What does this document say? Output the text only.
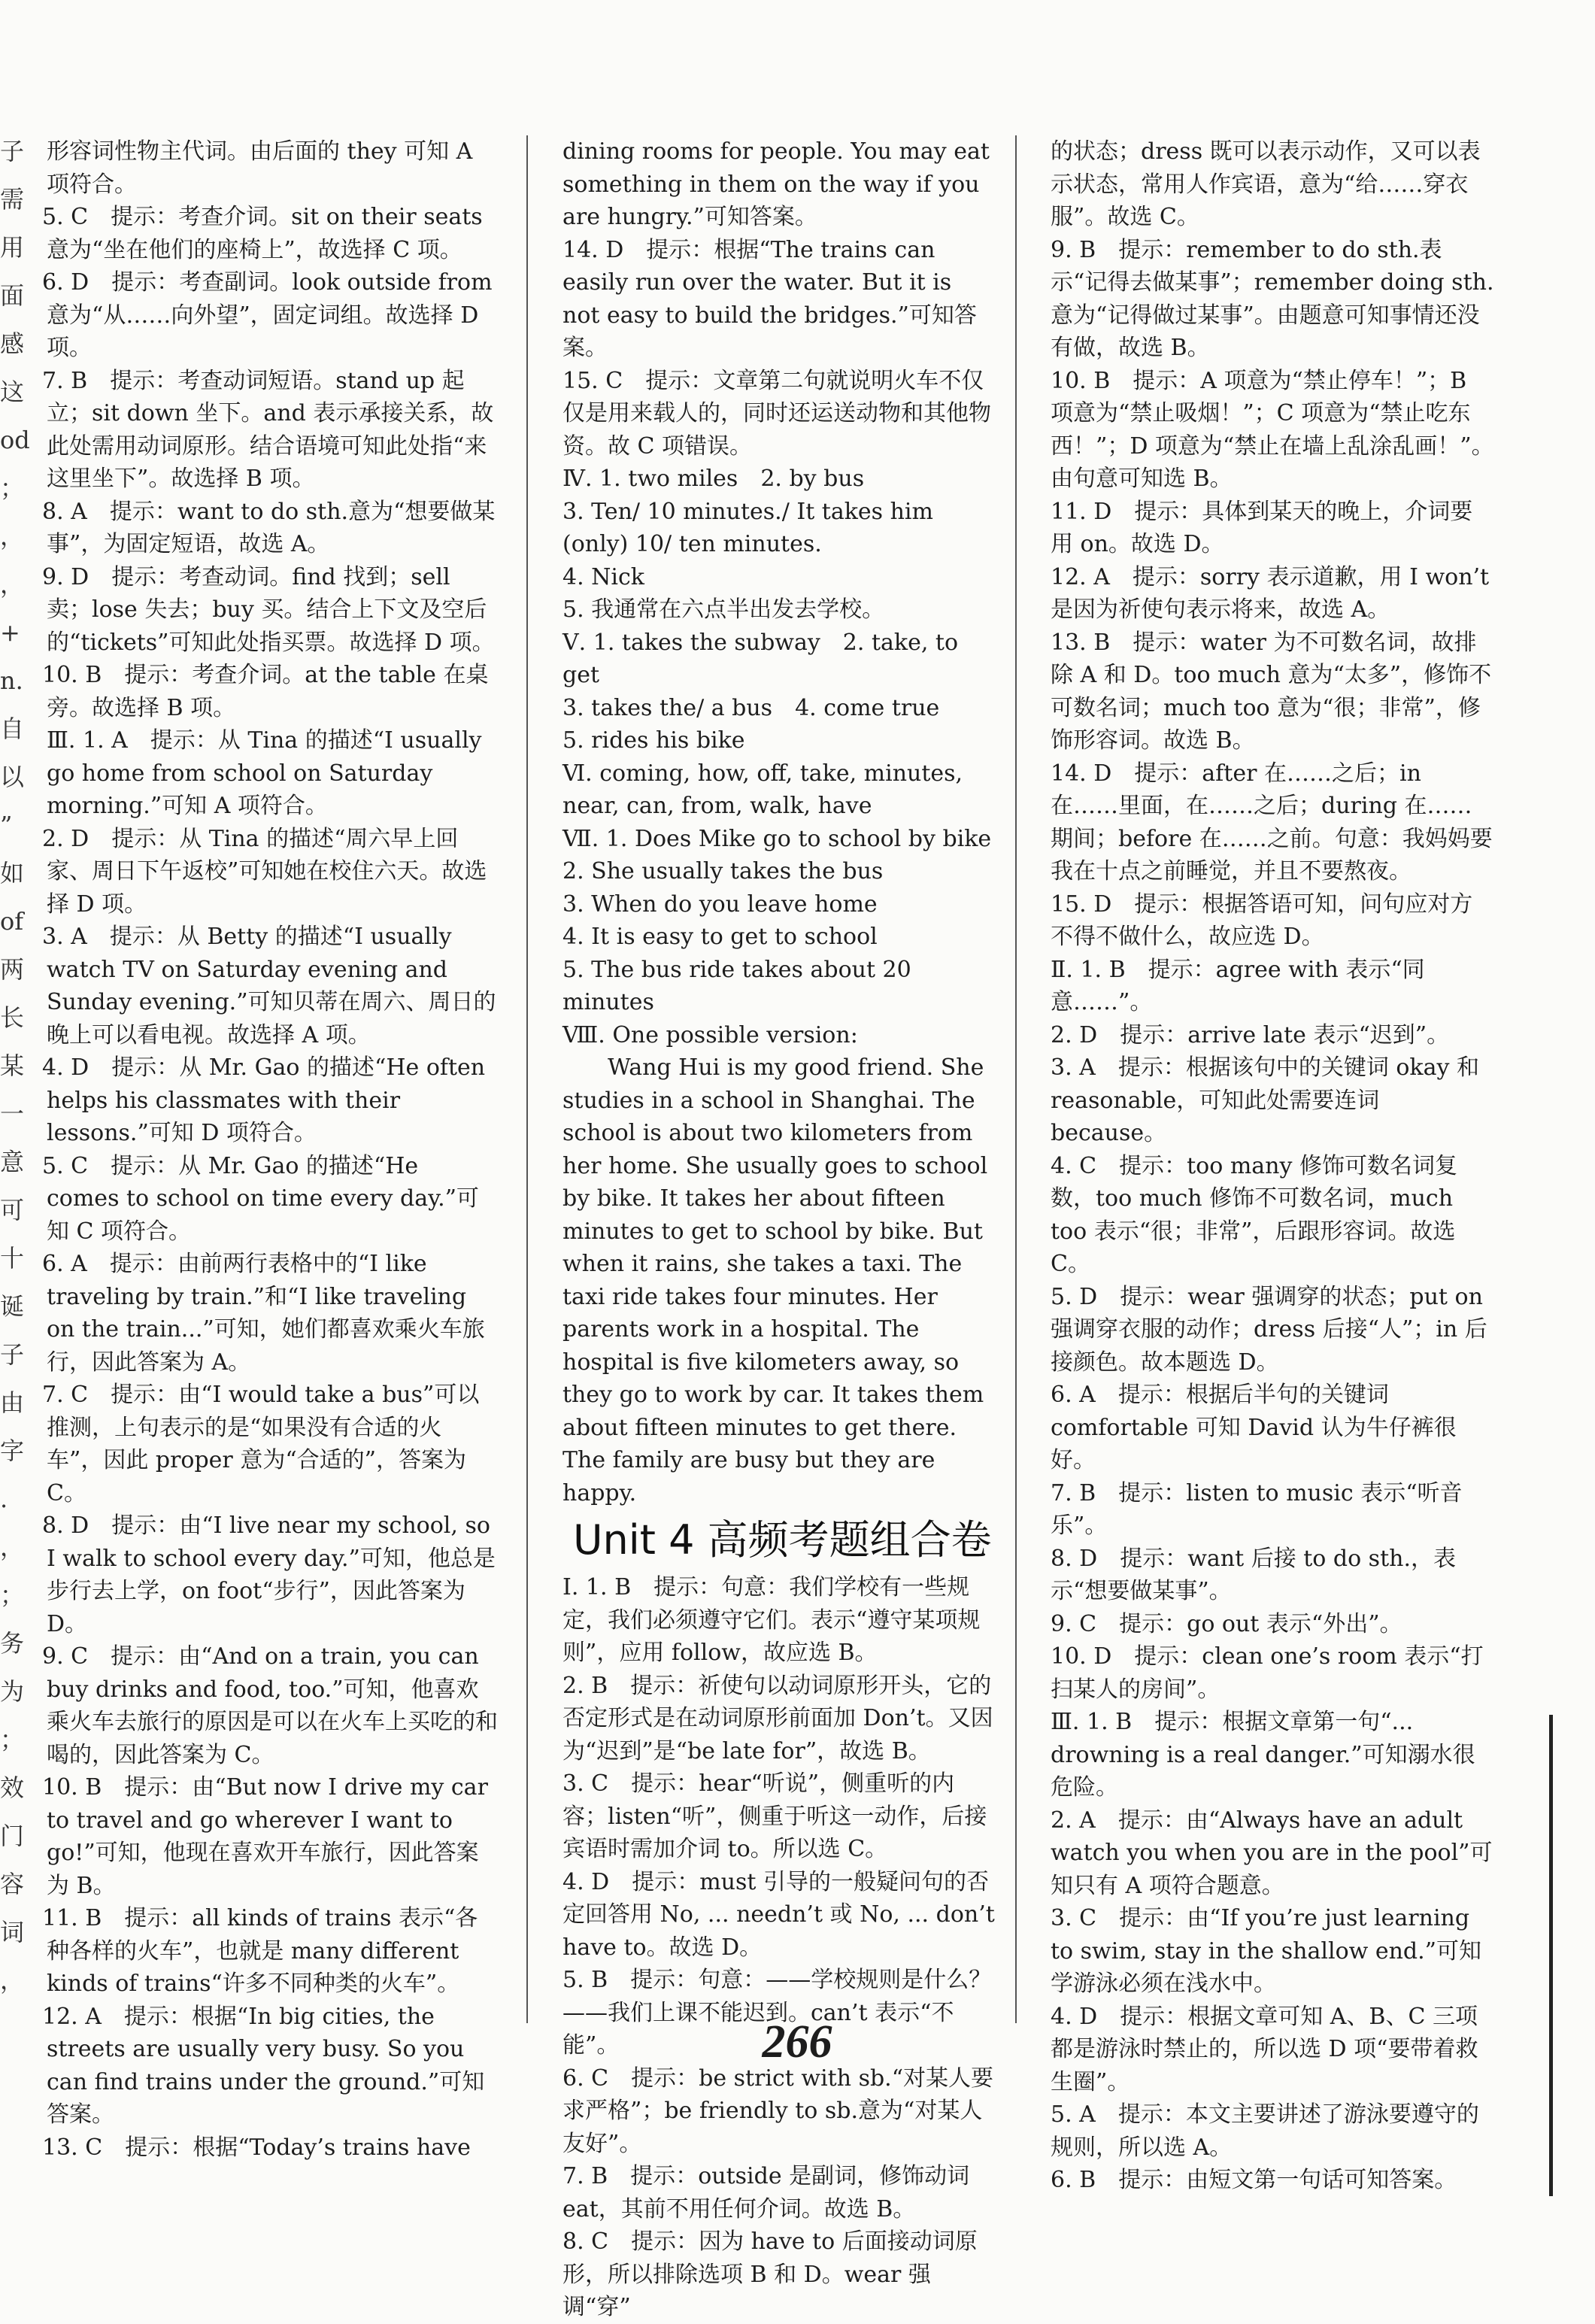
子

需

用

面

感

这

od

；

，

，

+

n.

自

以

”

如

of

两

长

某

一

意

可

十

诞

子

由

字

.

，

；

务

为

；

效

门

容

词

，

形容词性物主代词。由后面的 they 可知 A 项符合。

5. C　提示：考查介词。sit on their seats 意为“坐在他们的座椅上”，故选择 C 项。

6. D　提示：考查副词。look outside from 意为“从……向外望”，固定词组。故选择 D 项。

7. B　提示：考查动词短语。stand up 起立；sit down 坐下。and 表示承接关系，故此处需用动词原形。结合语境可知此处指“来这里坐下”。故选择 B 项。

8. A　提示：want to do sth.意为“想要做某事”，为固定短语，故选 A。

9. D　提示：考查动词。find 找到；sell 卖；lose 失去；buy 买。结合上下文及空后的“tickets”可知此处指买票。故选择 D 项。

10. B　提示：考查介词。at the table 在桌旁。故选择 B 项。

Ⅲ. 1. A　提示：从 Tina 的描述“I usually go home from school on Saturday morning.”可知 A 项符合。

2. D　提示：从 Tina 的描述“周六早上回家、周日下午返校”可知她在校住六天。故选择 D 项。

3. A　提示：从 Betty 的描述“I usually watch TV on Saturday evening and Sunday evening.”可知贝蒂在周六、周日的晚上可以看电视。故选择 A 项。

4. D　提示：从 Mr. Gao 的描述“He often helps his classmates with their lessons.”可知 D 项符合。

5. C　提示：从 Mr. Gao 的描述“He comes to school on time every day.”可知 C 项符合。

6. A　提示：由前两行表格中的“I like traveling by train.”和“I like traveling on the train...”可知，她们都喜欢乘火车旅行，因此答案为 A。

7. C　提示：由“I would take a bus”可以推测，上句表示的是“如果没有合适的火车”，因此 proper 意为“合适的”，答案为 C。

8. D　提示：由“I live near my school, so I walk to school every day.”可知，他总是步行去上学，on foot“步行”，因此答案为 D。

9. C　提示：由“And on a train, you can buy drinks and food, too.”可知，他喜欢乘火车去旅行的原因是可以在火车上买吃的和喝的，因此答案为 C。

10. B　提示：由“But now I drive my car to travel and go wherever I want to go!”可知，他现在喜欢开车旅行，因此答案为 B。

11. B　提示：all kinds of trains 表示“各种各样的火车”，也就是 many different kinds of trains“许多不同种类的火车”。

12. A　提示：根据“In big cities, the streets are usually very busy. So you can find trains under the ground.”可知答案。

13. C　提示：根据“Today’s trains have

dining rooms for people. You may eat something in them on the way if you are hungry.”可知答案。

14. D　提示：根据“The trains can easily run over the water. But it is not easy to build the bridges.”可知答案。

15. C　提示：文章第二句就说明火车不仅仅是用来载人的，同时还运送动物和其他物资。故 C 项错误。

Ⅳ. 1. two miles　2. by bus

3. Ten/ 10 minutes./ It takes him (only) 10/ ten minutes.

4. Nick

5. 我通常在六点半出发去学校。

Ⅴ. 1. takes the subway　2. take, to get

3. takes the/ a bus　4. come true

5. rides his bike

Ⅵ. coming, how, off, take, minutes, near, can, from, walk, have

Ⅶ. 1. Does Mike go to school by bike

2. She usually takes the bus

3. When do you leave home

4. It is easy to get to school

5. The bus ride takes about 20 minutes

Ⅷ. One possible version:

Wang Hui is my good friend. She studies in a school in Shanghai. The school is about two kilometers from her home. She usually goes to school by bike. It takes her about fifteen minutes to get to school by bike. But when it rains, she takes a taxi. The taxi ride takes four minutes. Her parents work in a hospital. The hospital is five kilometers away, so they go to work by car. It takes them about fifteen minutes to get there. The family are busy but they are happy.

Unit 4 高频考题组合卷

Ⅰ. 1. B　提示：句意：我们学校有一些规定，我们必须遵守它们。表示“遵守某项规则”，应用 follow，故应选 B。

2. B　提示：祈使句以动词原形开头，它的否定形式是在动词原形前面加 Don’t。又因为“迟到”是“be late for”，故选 B。

3. C　提示：hear“听说”，侧重听的内容；listen“听”，侧重于听这一动作，后接宾语时需加介词 to。所以选 C。

4. D　提示：must 引导的一般疑问句的否定回答用 No, ... needn’t 或 No, ... don’t have to。故选 D。

5. B　提示：句意：——学校规则是什么？——我们上课不能迟到。can’t 表示“不能”。

6. C　提示：be strict with sb.“对某人要求严格”；be friendly to sb.意为“对某人友好”。

7. B　提示：outside 是副词，修饰动词 eat，其前不用任何介词。故选 B。

8. C　提示：因为 have to 后面接动词原形，所以排除选项 B 和 D。wear 强调“穿”

的状态；dress 既可以表示动作，又可以表示状态，常用人作宾语，意为“给……穿衣服”。故选 C。

9. B　提示：remember to do sth.表示“记得去做某事”；remember doing sth.意为“记得做过某事”。由题意可知事情还没有做，故选 B。

10. B　提示：A 项意为“禁止停车！”；B 项意为“禁止吸烟！”；C 项意为“禁止吃东西！”；D 项意为“禁止在墙上乱涂乱画！”。由句意可知选 B。

11. D　提示：具体到某天的晚上，介词要用 on。故选 D。

12. A　提示：sorry 表示道歉，用 I won’t 是因为祈使句表示将来，故选 A。

13. B　提示：water 为不可数名词，故排除 A 和 D。too much 意为“太多”，修饰不可数名词；much too 意为“很；非常”，修饰形容词。故选 B。

14. D　提示：after 在……之后；in 在……里面，在……之后；during 在……期间；before 在……之前。句意：我妈妈要我在十点之前睡觉，并且不要熬夜。

15. D　提示：根据答语可知，问句应对方不得不做什么，故应选 D。

Ⅱ. 1. B　提示：agree with 表示“同意……”。

2. D　提示：arrive late 表示“迟到”。

3. A　提示：根据该句中的关键词 okay 和 reasonable，可知此处需要连词 because。

4. C　提示：too many 修饰可数名词复数，too much 修饰不可数名词，much too 表示“很；非常”，后跟形容词。故选 C。

5. D　提示：wear 强调穿的状态；put on 强调穿衣服的动作；dress 后接“人”；in 后接颜色。故本题选 D。

6. A　提示：根据后半句的关键词 comfortable 可知 David 认为牛仔裤很好。

7. B　提示：listen to music 表示“听音乐”。

8. D　提示：want 后接 to do sth.，表示“想要做某事”。

9. C　提示：go out 表示“外出”。

10. D　提示：clean one’s room 表示“打扫某人的房间”。

Ⅲ. 1. B　提示：根据文章第一句“... drowning is a real danger.”可知溺水很危险。

2. A　提示：由“Always have an adult watch you when you are in the pool”可知只有 A 项符合题意。

3. C　提示：由“If you’re just learning to swim, stay in the shallow end.”可知学游泳必须在浅水中。

4. D　提示：根据文章可知 A、B、C 三项都是游泳时禁止的，所以选 D 项“要带着救生圈”。

5. A　提示：本文主要讲述了游泳要遵守的规则，所以选 A。

6. B　提示：由短文第一句话可知答案。

266
